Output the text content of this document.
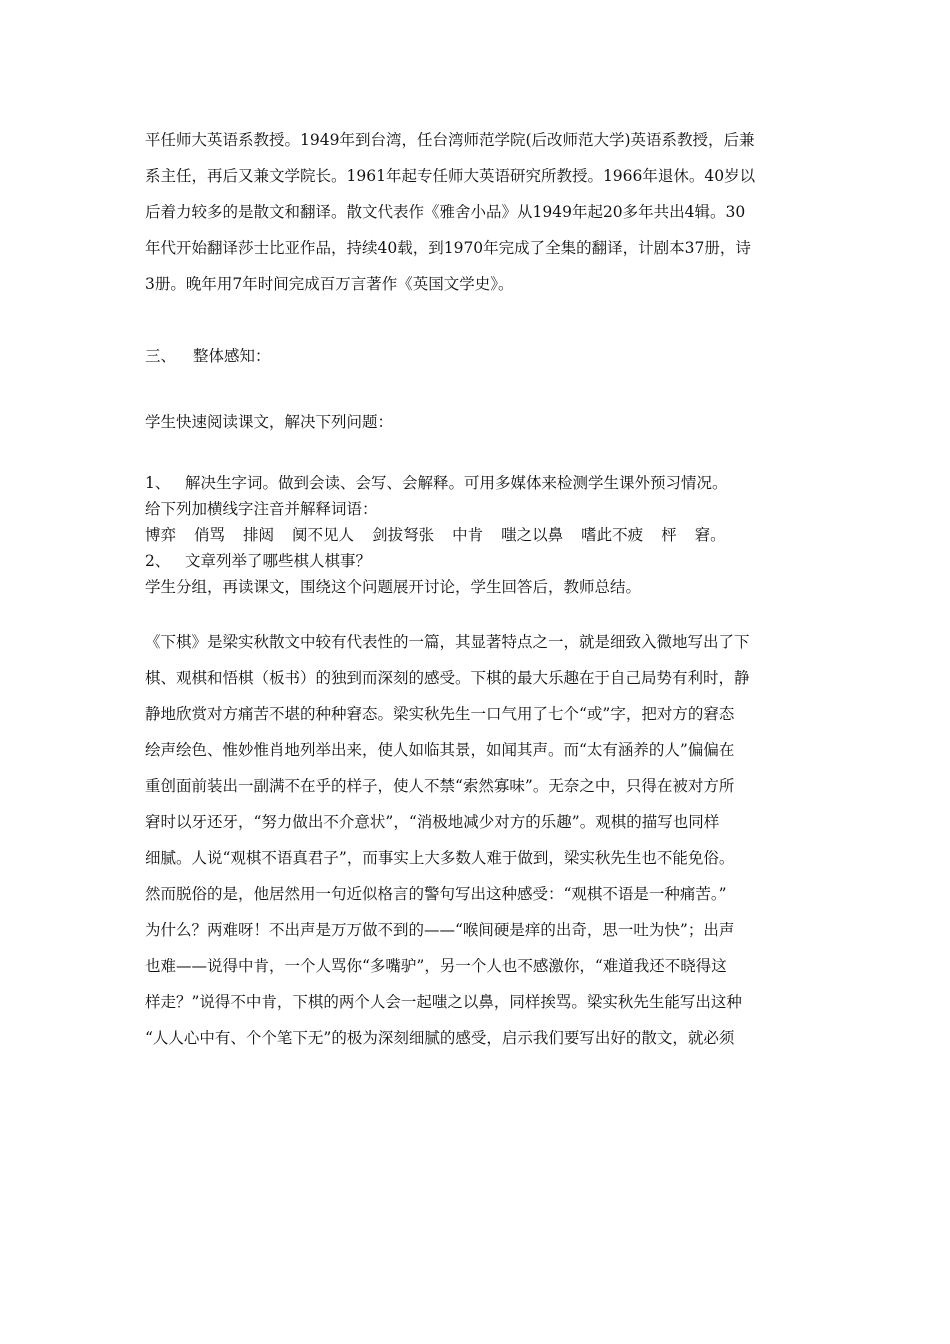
平任师大英语系教授。1949年到台湾，任台湾师范学院(后改师范大学)英语系教授，后兼

系主任，再后又兼文学院长。1961年起专任师大英语研究所教授。1966年退休。40岁以

后着力较多的是散文和翻译。散文代表作《雅舍小品》从1949年起20多年共出4辑。30

年代开始翻译莎士比亚作品，持续40载，到1970年完成了全集的翻译，计剧本37册，诗

3册。晚年用7年时间完成百万言著作《英国文学史》。

三、 整体感知：

学生快速阅读课文，解决下列问题：

1、 解决生字词。做到会读、会写、会解释。可用多媒体来检测学生课外预习情况。

给下列加横线字注音并解释词语：

博弈 俏骂 排闼 阒不见人 剑拔弩张 中肯 嗤之以鼻 嗜此不疲 枰 窘。

2、 文章列举了哪些棋人棋事？

学生分组，再读课文，围绕这个问题展开讨论，学生回答后，教师总结。

《下棋》是梁实秋散文中较有代表性的一篇，其显著特点之一，就是细致入微地写出了下

棋、观棋和悟棋（板书）的独到而深刻的感受。下棋的最大乐趣在于自己局势有利时，静

静地欣赏对方痛苦不堪的种种窘态。梁实秋先生一口气用了七个“或”字，把对方的窘态

绘声绘色、惟妙惟肖地列举出来，使人如临其景，如闻其声。而“太有涵养的人”偏偏在

重创面前装出一副满不在乎的样子，使人不禁“索然寡味”。无奈之中，只得在被对方所

窘时以牙还牙，“努力做出不介意状”，“消极地减少对方的乐趣”。观棋的描写也同样

细腻。人说“观棋不语真君子”，而事实上大多数人难于做到，梁实秋先生也不能免俗。

然而脱俗的是，他居然用一句近似格言的警句写出这种感受：“观棋不语是一种痛苦。”

为什么？两难呀！不出声是万万做不到的——“喉间硬是痒的出奇，思一吐为快”；出声

也难——说得中肯，一个人骂你“多嘴驴”，另一个人也不感激你，“难道我还不晓得这

样走？”说得不中肯，下棋的两个人会一起嗤之以鼻，同样挨骂。梁实秋先生能写出这种

“人人心中有、个个笔下无”的极为深刻细腻的感受，启示我们要写出好的散文，就必须
